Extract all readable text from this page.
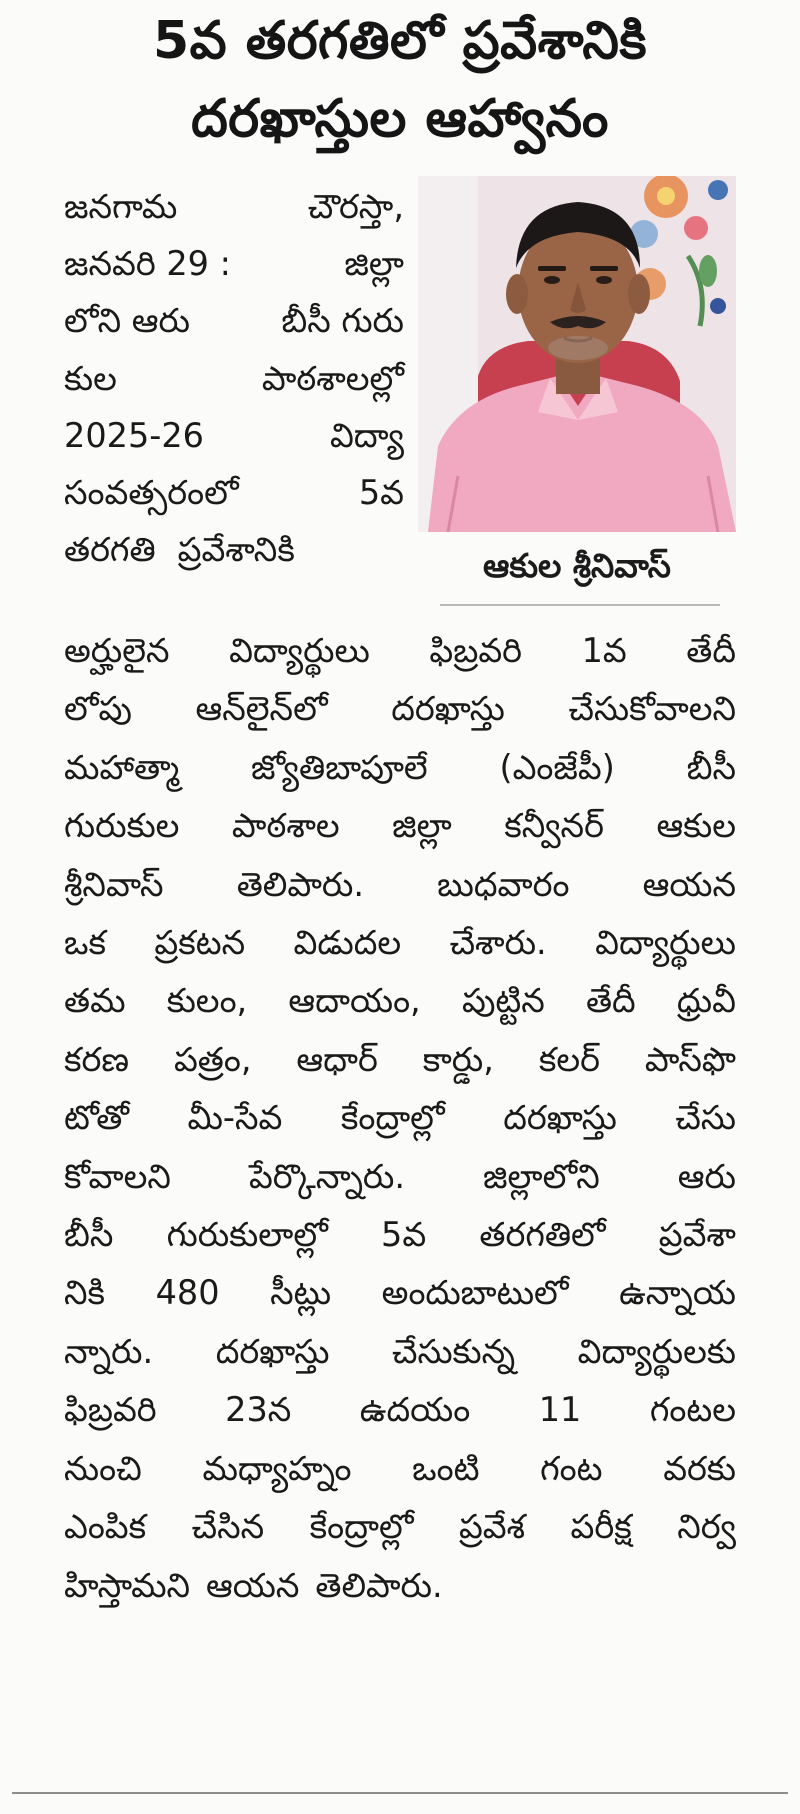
5వ తరగతిలో ప్రవేశానికి
దరఖాస్తుల ఆహ్వానం
జనగామ	చౌరస్తా,
జనవరి 29 :	జిల్లా
లోని ఆరు	బీసీ గురు
కుల	పాఠశాలల్లో
2025-26	విద్యా
సంవత్సరంలో	5వ
తరగతి ప్రవేశానికి	ఆకుల శ్రీనివాస్
అర్హులైన విద్యార్థులు ఫిబ్రవరి 1వ తేదీ
లోపు ఆన్‌లైన్‌లో దరఖాస్తు చేసుకోవాలని
మహాత్మా జ్యోతిబాపూలే (ఎంజేపీ) బీసీ
గురుకుల పాఠశాల జిల్లా కన్వీనర్ ఆకుల
శ్రీనివాస్ తెలిపారు. బుధవారం ఆయన
ఒక ప్రకటన విడుదల చేశారు. విద్యార్థులు
తమ కులం, ఆదాయం, పుట్టిన తేదీ ధ్రువీ
కరణ పత్రం, ఆధార్ కార్డు, కలర్ పాస్‌ఫొ
టోతో మీ-సేవ కేంద్రాల్లో దరఖాస్తు చేసు
కోవాలని పేర్కొన్నారు. జిల్లాలోని ఆరు
బీసీ గురుకులాల్లో 5వ తరగతిలో ప్రవేశా
నికి 480 సీట్లు అందుబాటులో ఉన్నాయ
న్నారు. దరఖాస్తు చేసుకున్న విద్యార్థులకు
ఫిబ్రవరి 23న ఉదయం 11 గంటల
నుంచి మధ్యాహ్నం ఒంటి గంట వరకు
ఎంపిక చేసిన కేంద్రాల్లో ప్రవేశ పరీక్ష నిర్వ
హిస్తామని ఆయన తెలిపారు.
